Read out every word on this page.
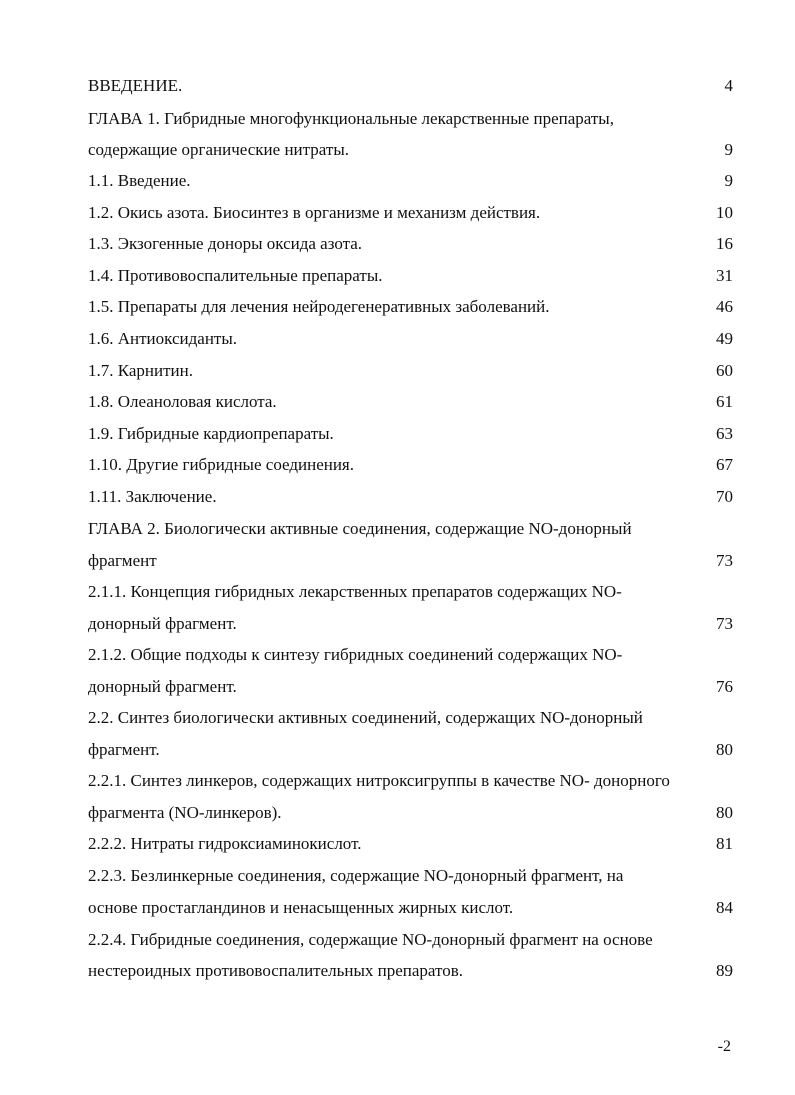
ВВЕДЕНИЕ.	4
ГЛАВА 1. Гибридные многофункциональные лекарственные препараты,
содержащие органические нитраты.	9
1.1. Введение.	9
1.2. Окись азота. Биосинтез в организме и механизм действия.	10
1.3. Экзогенные доноры оксида азота.	16
1.4. Противовоспалительные препараты.	31
1.5. Препараты для лечения нейродегенеративных заболеваний.	46
1.6. Антиоксиданты.	49
1.7. Карнитин.	60
1.8. Олеаноловая кислота.	61
1.9. Гибридные кардиопрепараты.	63
1.10. Другие гибридные соединения.	67
1.11. Заключение.	70
ГЛАВА 2. Биологически активные соединения, содержащие NO-донорный
фрагмент	73
2.1.1. Концепция гибридных лекарственных препаратов содержащих NO-
донорный фрагмент.	73
2.1.2. Общие подходы к синтезу гибридных соединений содержащих NO-
донорный фрагмент.	76
2.2. Синтез биологически активных соединений, содержащих NO-донорный
фрагмент.	80
2.2.1. Синтез линкеров, содержащих нитроксигруппы в качестве NO- донорного
фрагмента (NO-линкеров).	80
2.2.2. Нитраты гидроксиаминокислот.	81
2.2.3. Безлинкерные соединения, содержащие NO-донорный фрагмент, на
основе простагландинов и ненасыщенных жирных кислот.	84
2.2.4. Гибридные соединения, содержащие NO-донорный фрагмент на основе
нестероидных противовоспалительных препаратов.	89
-2
